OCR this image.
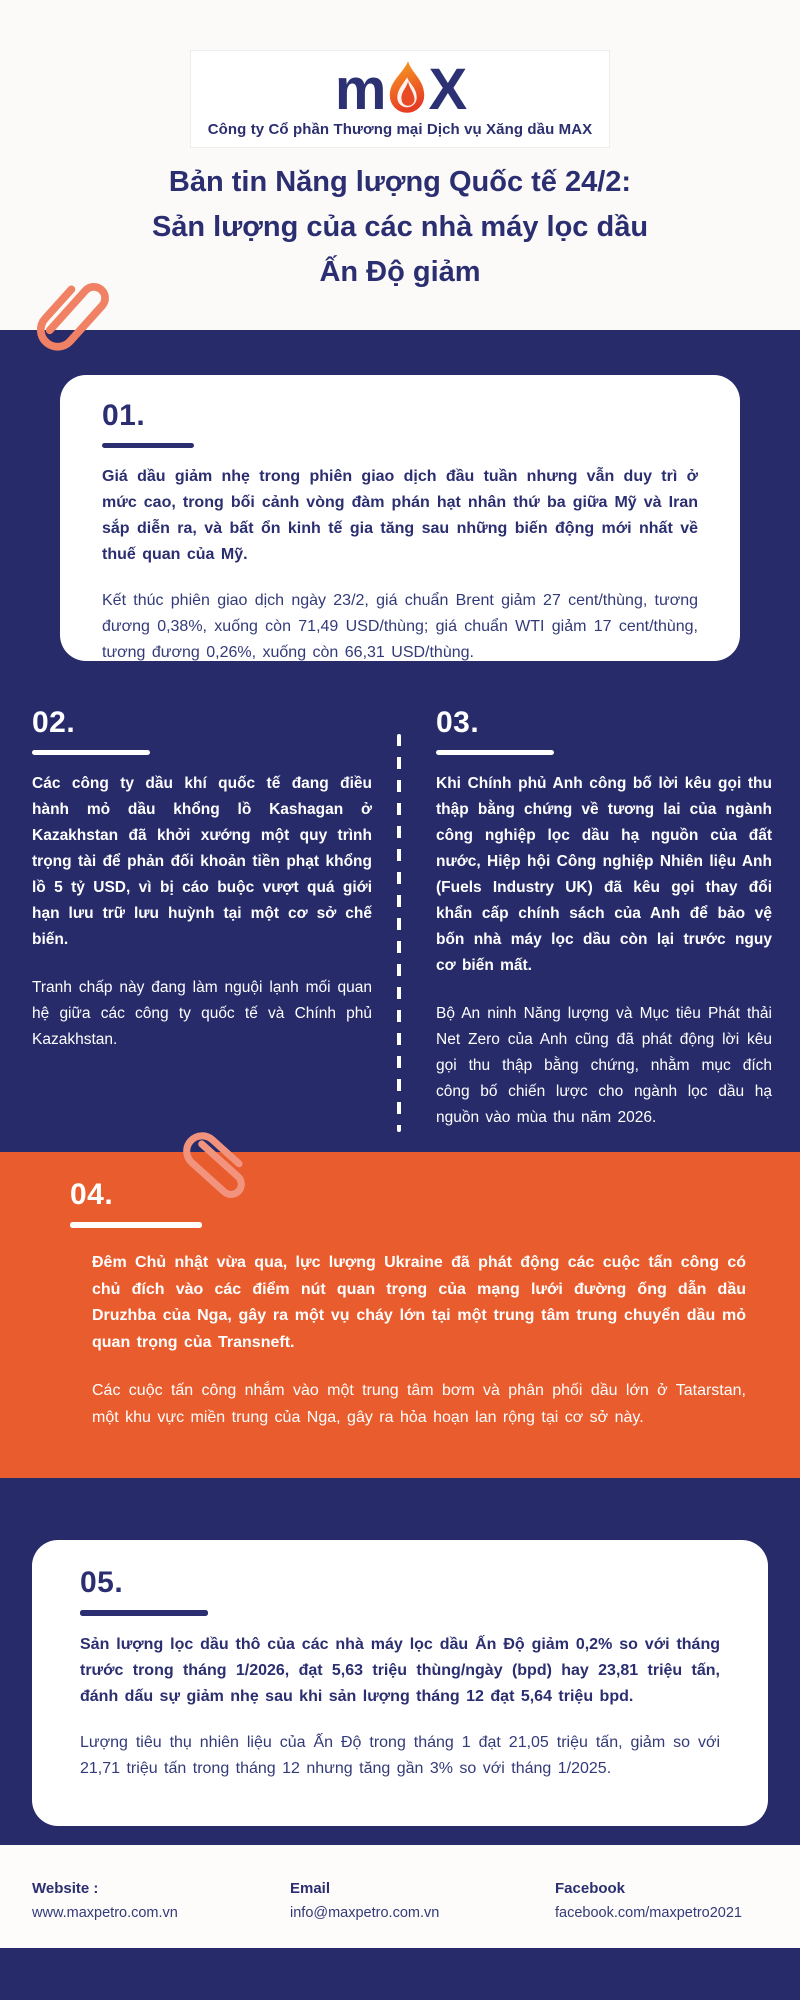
m X
Công ty Cổ phần Thương mại Dịch vụ Xăng dầu MAX
Bản tin Năng lượng Quốc tế 24/2:
Sản lượng của các nhà máy lọc dầu
Ấn Độ giảm
01.

Giá dầu giảm nhẹ trong phiên giao dịch đầu tuần nhưng vẫn duy trì ở mức cao, trong bối cảnh vòng đàm phán hạt nhân thứ ba giữa Mỹ và Iran sắp diễn ra, và bất ổn kinh tế gia tăng sau những biến động mới nhất về thuế quan của Mỹ.

Kết thúc phiên giao dịch ngày 23/2, giá chuẩn Brent giảm 27 cent/thùng, tương đương 0,38%, xuống còn 71,49 USD/thùng; giá chuẩn WTI giảm 17 cent/thùng, tương đương 0,26%, xuống còn 66,31 USD/thùng.

02.

Các công ty dầu khí quốc tế đang điều hành mỏ dầu khổng lồ Kashagan ở Kazakhstan đã khởi xướng một quy trình trọng tài để phản đối khoản tiền phạt khổng lồ 5 tỷ USD, vì bị cáo buộc vượt quá giới hạn lưu trữ lưu huỳnh tại một cơ sở chế biến.

Tranh chấp này đang làm nguội lạnh mối quan hệ giữa các công ty quốc tế và Chính phủ Kazakhstan.

03.

Khi Chính phủ Anh công bố lời kêu gọi thu thập bằng chứng về tương lai của ngành công nghiệp lọc dầu hạ nguồn của đất nước, Hiệp hội Công nghiệp Nhiên liệu Anh (Fuels Industry UK) đã kêu gọi thay đổi khẩn cấp chính sách của Anh để bảo vệ bốn nhà máy lọc dầu còn lại trước nguy cơ biến mất.

Bộ An ninh Năng lượng và Mục tiêu Phát thải Net Zero của Anh cũng đã phát động lời kêu gọi thu thập bằng chứng, nhằm mục đích công bố chiến lược cho ngành lọc dầu hạ nguồn vào mùa thu năm 2026.

04.

Đêm Chủ nhật vừa qua, lực lượng Ukraine đã phát động các cuộc tấn công có chủ đích vào các điểm nút quan trọng của mạng lưới đường ống dẫn dầu Druzhba của Nga, gây ra một vụ cháy lớn tại một trung tâm trung chuyển dầu mỏ quan trọng của Transneft.

Các cuộc tấn công nhắm vào một trung tâm bơm và phân phối dầu lớn ở Tatarstan, một khu vực miền trung của Nga, gây ra hỏa hoạn lan rộng tại cơ sở này.

05.

Sản lượng lọc dầu thô của các nhà máy lọc dầu Ấn Độ giảm 0,2% so với tháng trước trong tháng 1/2026, đạt 5,63 triệu thùng/ngày (bpd) hay 23,81 triệu tấn, đánh dấu sự giảm nhẹ sau khi sản lượng tháng 12 đạt 5,64 triệu bpd.

Lượng tiêu thụ nhiên liệu của Ấn Độ trong tháng 1 đạt 21,05 triệu tấn, giảm so với 21,71 triệu tấn trong tháng 12 nhưng tăng gần 3% so với tháng 1/2025.

Website :
www.maxpetro.com.vn
Email
info@maxpetro.com.vn
Facebook
facebook.com/maxpetro2021
